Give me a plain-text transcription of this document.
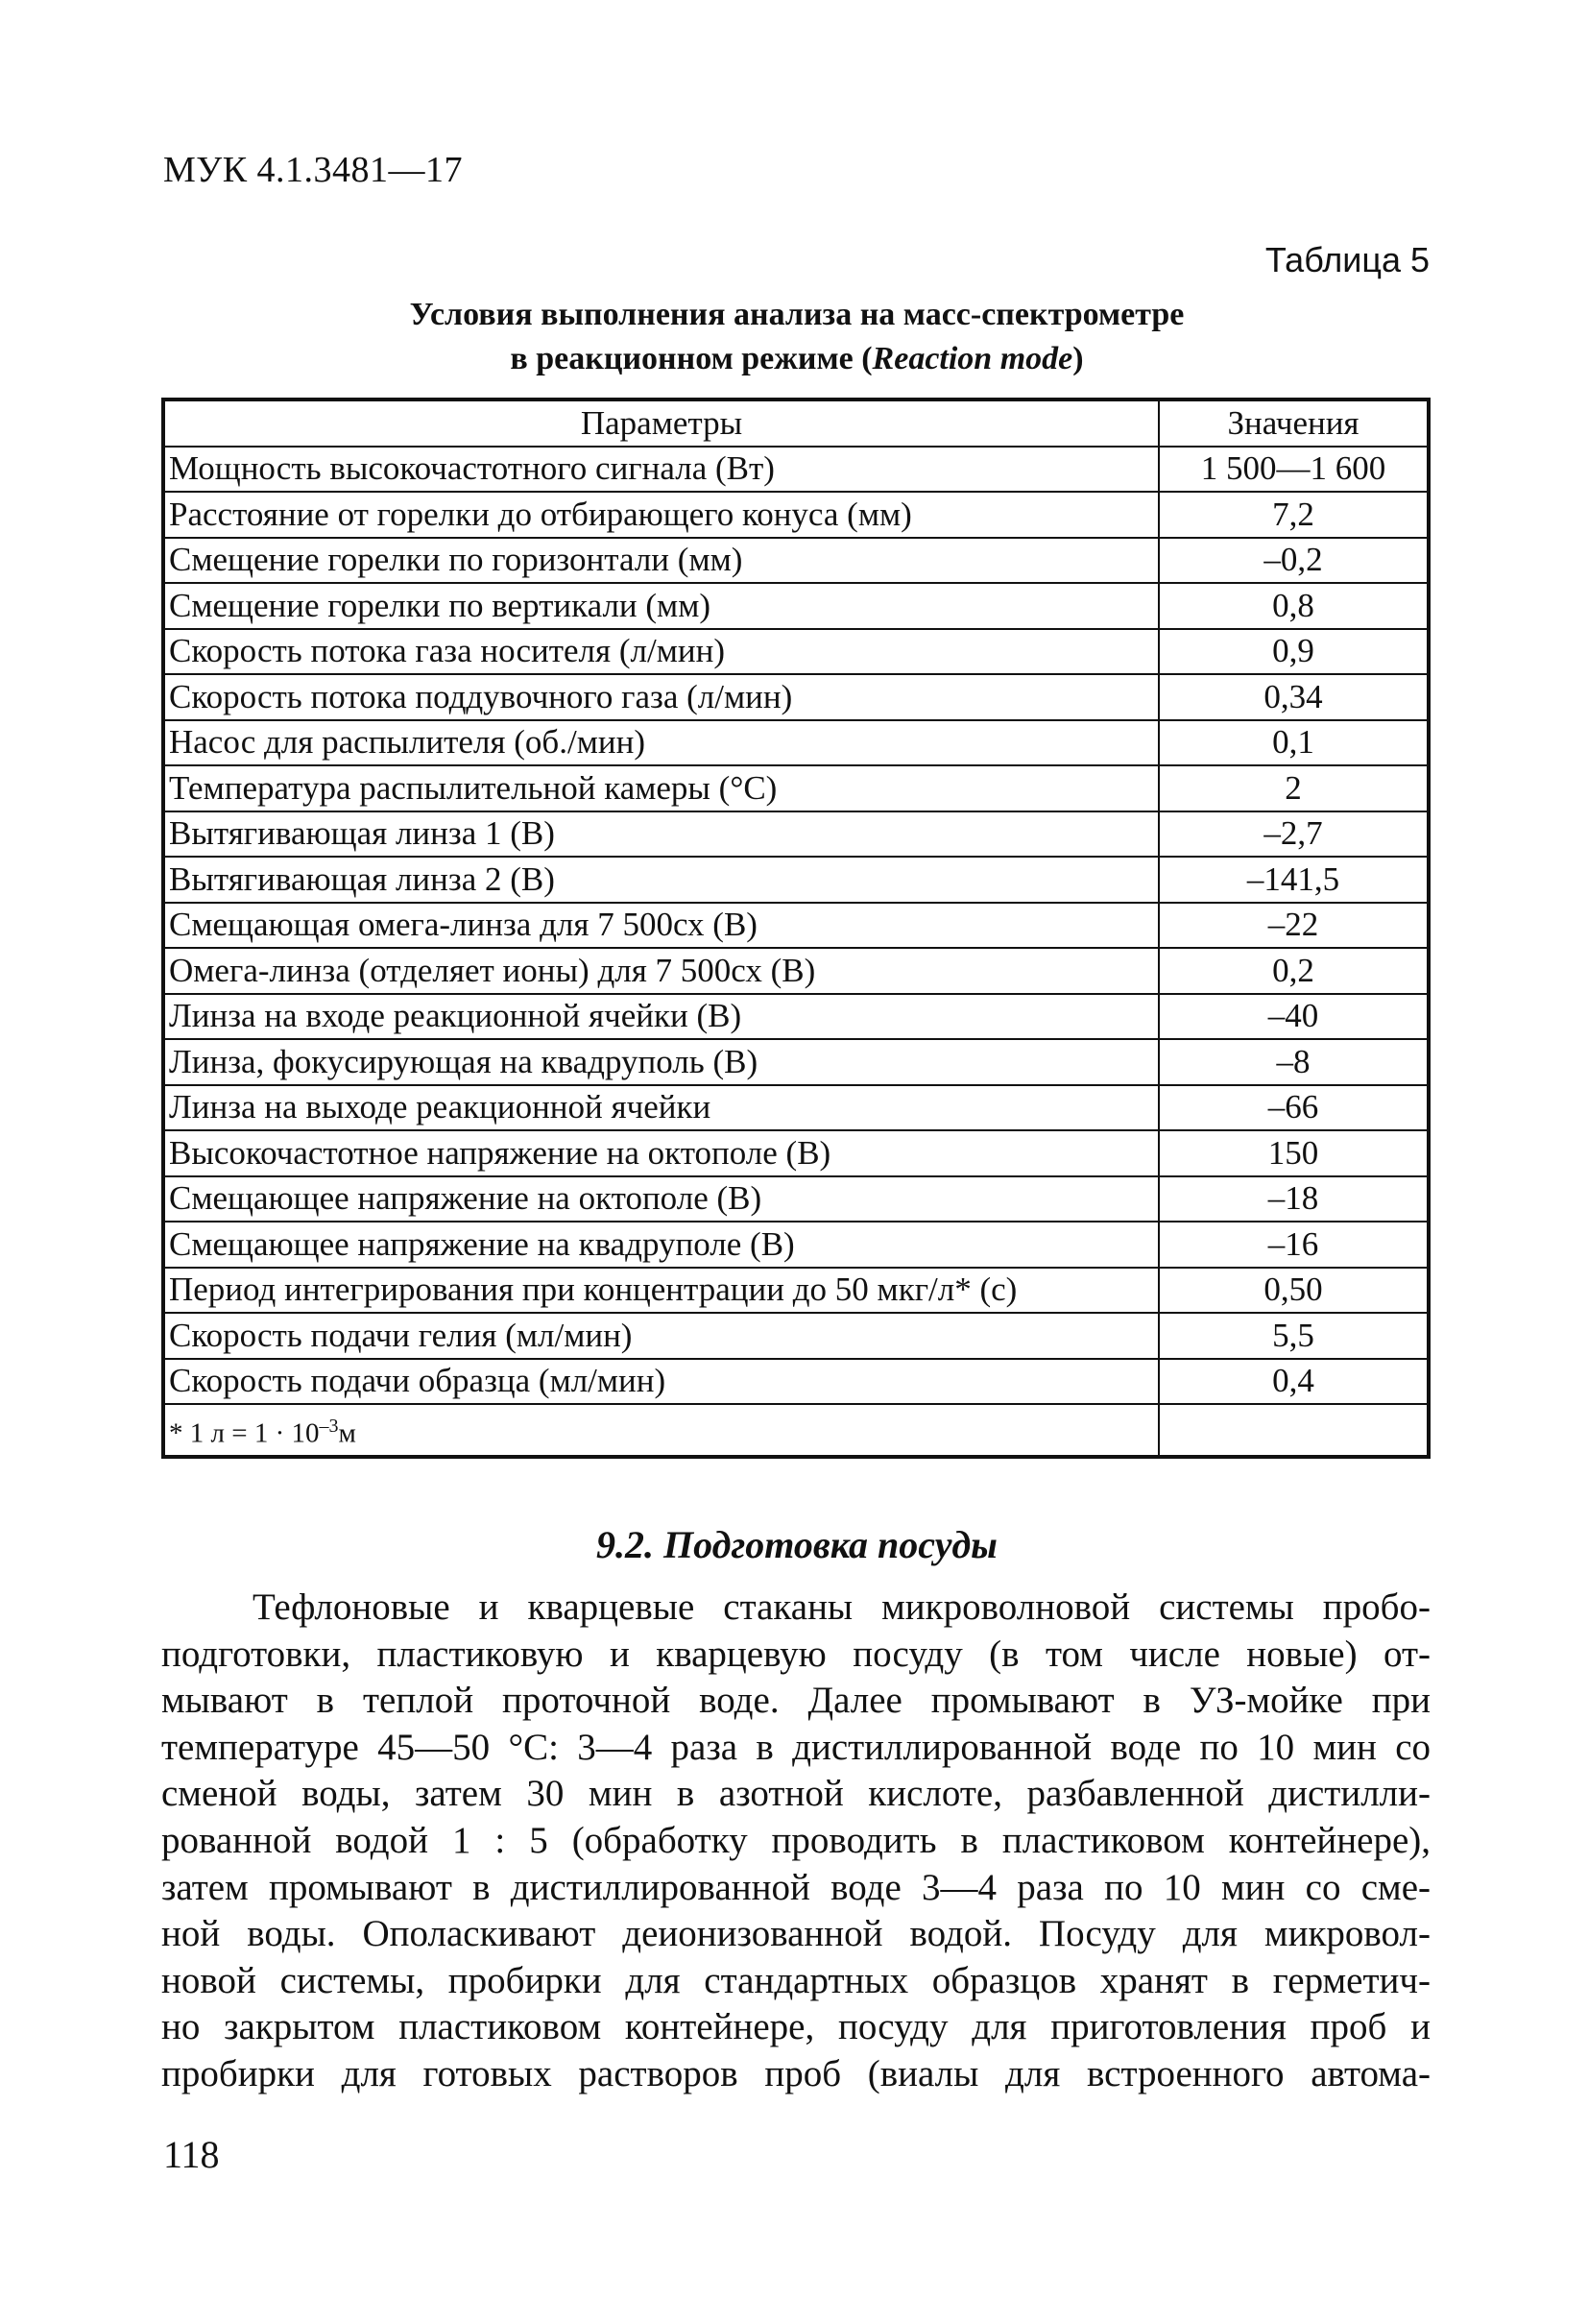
МУК 4.1.3481—17
Таблица 5
Условия выполнения анализа на масс-спектрометре
в реакционном режиме (Reaction mode)
Параметры	Значения
Мощность высокочастотного сигнала (Вт)	1 500—1 600
Расстояние от горелки до отбирающего конуса (мм)	7,2
Смещение горелки по горизонтали (мм)	–0,2
Смещение горелки по вертикали (мм)	0,8
Скорость потока газа носителя (л/мин)	0,9
Скорость потока поддувочного газа (л/мин)	0,34
Насос для распылителя (об./мин)	0,1
Температура распылительной камеры (°С)	2
Вытягивающая линза 1 (В)	–2,7
Вытягивающая линза 2 (В)	–141,5
Смещающая омега-линза для 7 500сх (В)	–22
Омега-линза (отделяет ионы) для 7 500сх (В)	0,2
Линза на входе реакционной ячейки (В)	–40
Линза, фокусирующая на квадруполь (В)	–8
Линза на выходе реакционной ячейки	–66
Высокочастотное напряжение на октополе (В)	150
Смещающее напряжение на октополе (В)	–18
Смещающее напряжение на квадруполе (В)	–16
Период интегрирования при концентрации до 50 мкг/л* (с)	0,50
Скорость подачи гелия (мл/мин)	5,5
Скорость подачи образца (мл/мин)	0,4
* 1 $л = 1 \cdot 10^{-3}м$	
9.2. Подготовка посуды
Тефлоновые и кварцевые стаканы микроволновой системы пробо-
подготовки, пластиковую и кварцевую посуду (в том числе новые) от-
мывают в теплой проточной воде. Далее промывают в УЗ-мойке при
температуре 45—50 °С: 3—4 раза в дистиллированной воде по 10 мин со
сменой воды, затем 30 мин в азотной кислоте, разбавленной дистилли-
рованной водой 1 : 5 (обработку проводить в пластиковом контейнере),
затем промывают в дистиллированной воде 3—4 раза по 10 мин со сме-
ной воды. Ополаскивают деионизованной водой. Посуду для микровол-
новой системы, пробирки для стандартных образцов хранят в герметич-
но закрытом пластиковом контейнере, посуду для приготовления проб и
пробирки для готовых растворов проб (виалы для встроенного автома-
118
